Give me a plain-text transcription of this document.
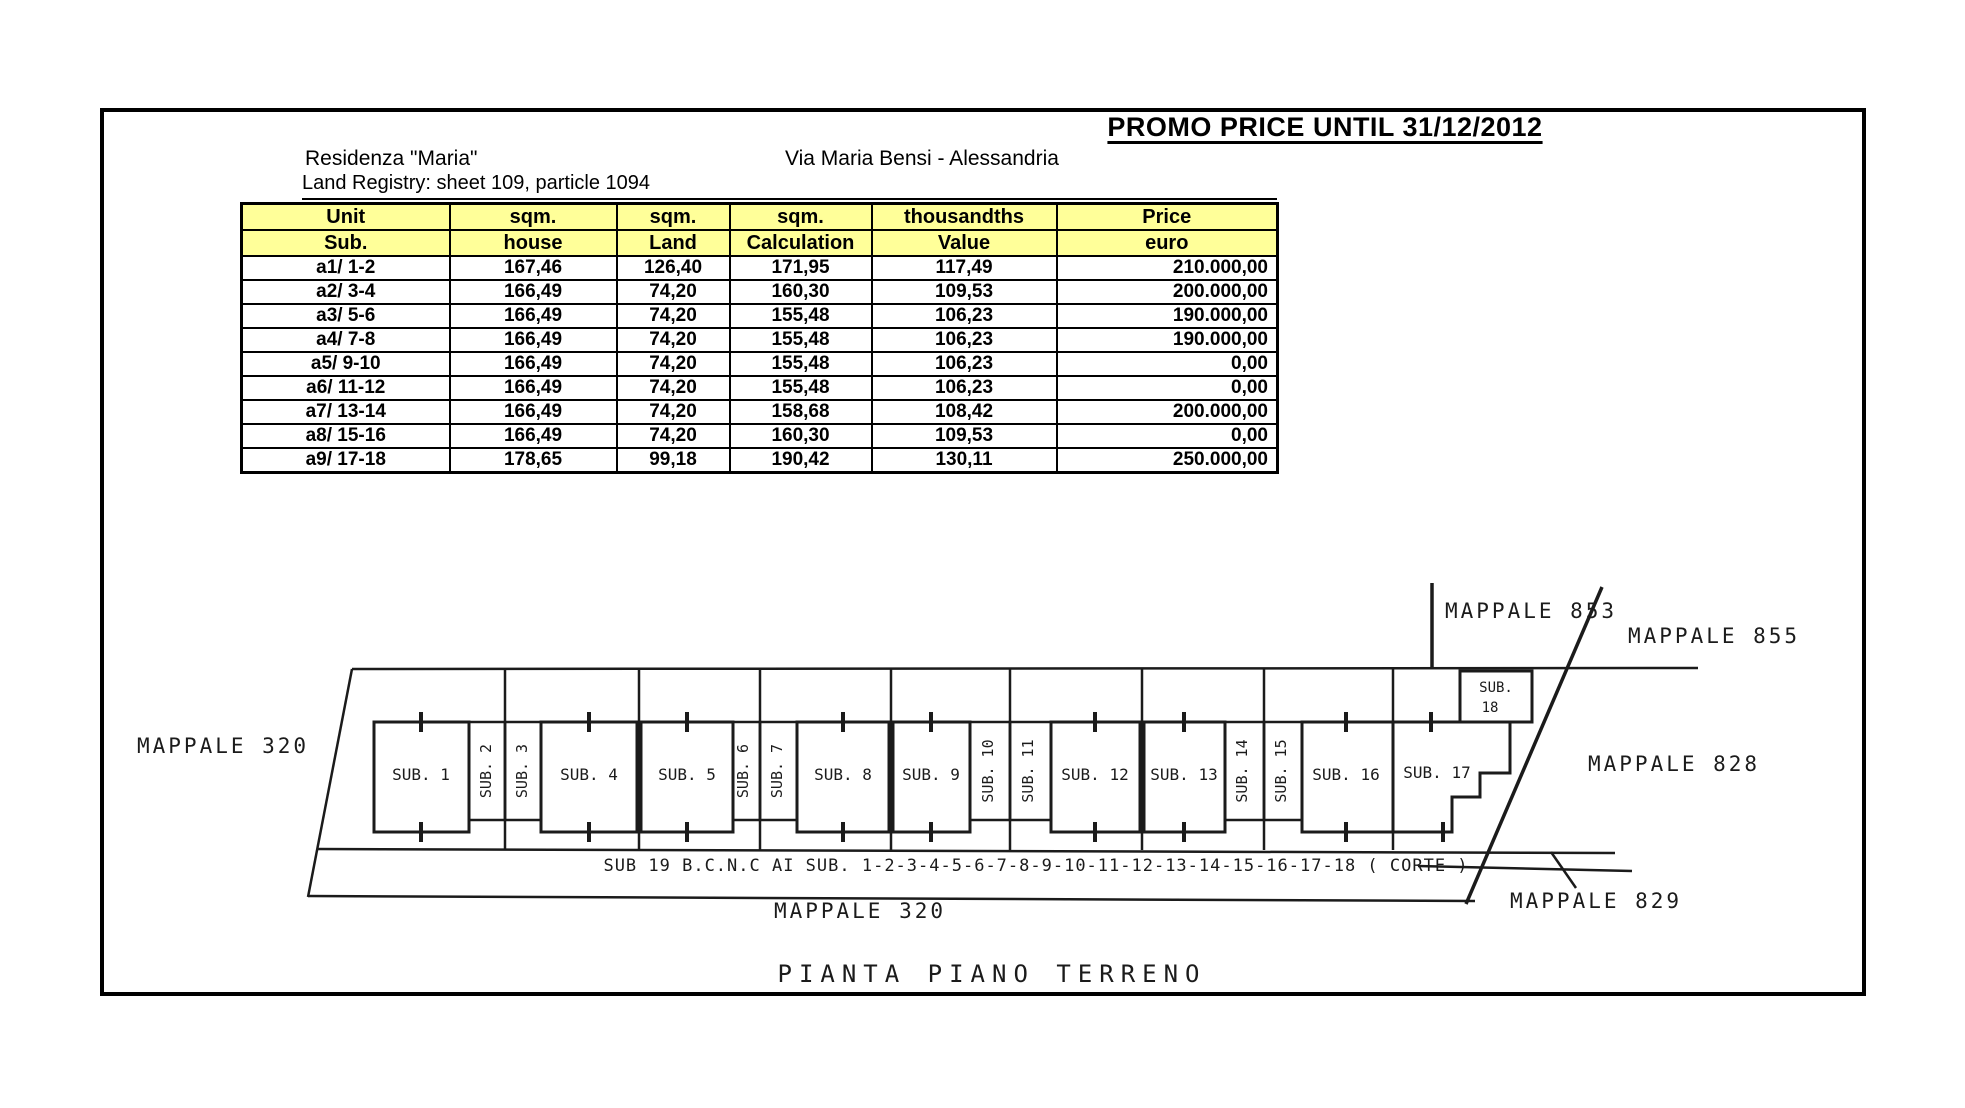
PROMO PRICE UNTIL 31/12/2012
Residenza "Maria"	Via Maria Bensi - Alessandria
Land Registry: sheet 109, particle 1094
Unit	sqm.	sqm.	sqm.	thousandths	Price
Sub.	house	Land	Calculation	Value	euro
a1/ 1-2	167,46	126,40	171,95	117,49	210.000,00
a2/ 3-4	166,49	74,20	160,30	109,53	200.000,00
a3/ 5-6	166,49	74,20	155,48	106,23	190.000,00
a4/ 7-8	166,49	74,20	155,48	106,23	190.000,00
a5/ 9-10	166,49	74,20	155,48	106,23	0,00
a6/ 11-12	166,49	74,20	155,48	106,23	0,00
a7/ 13-14	166,49	74,20	158,68	108,42	200.000,00
a8/ 15-16	166,49	74,20	160,30	109,53	0,00
a9/ 17-18	178,65	99,18	190,42	130,11	250.000,00
SUB. 1	SUB. 4	SUB. 5	SUB. 8 SUB. 9	SUB. 12 SUB. 13	SUB. 16 SUB. 17
SUB.
18
SUB. 2 SUB. 3	SUB. 6 SUB. 7	SUB. 10 SUB. 11	SUB. 14 SUB. 15
MAPPALE 320
MAPPALE 320
MAPPALE 853
MAPPALE 855
MAPPALE 828
MAPPALE 829
SUB 19 B.C.N.C AI SUB. 1-2-3-4-5-6-7-8-9-10-11-12-13-14-15-16-17-18 ( CORTE )
PIANTA PIANO TERRENO
